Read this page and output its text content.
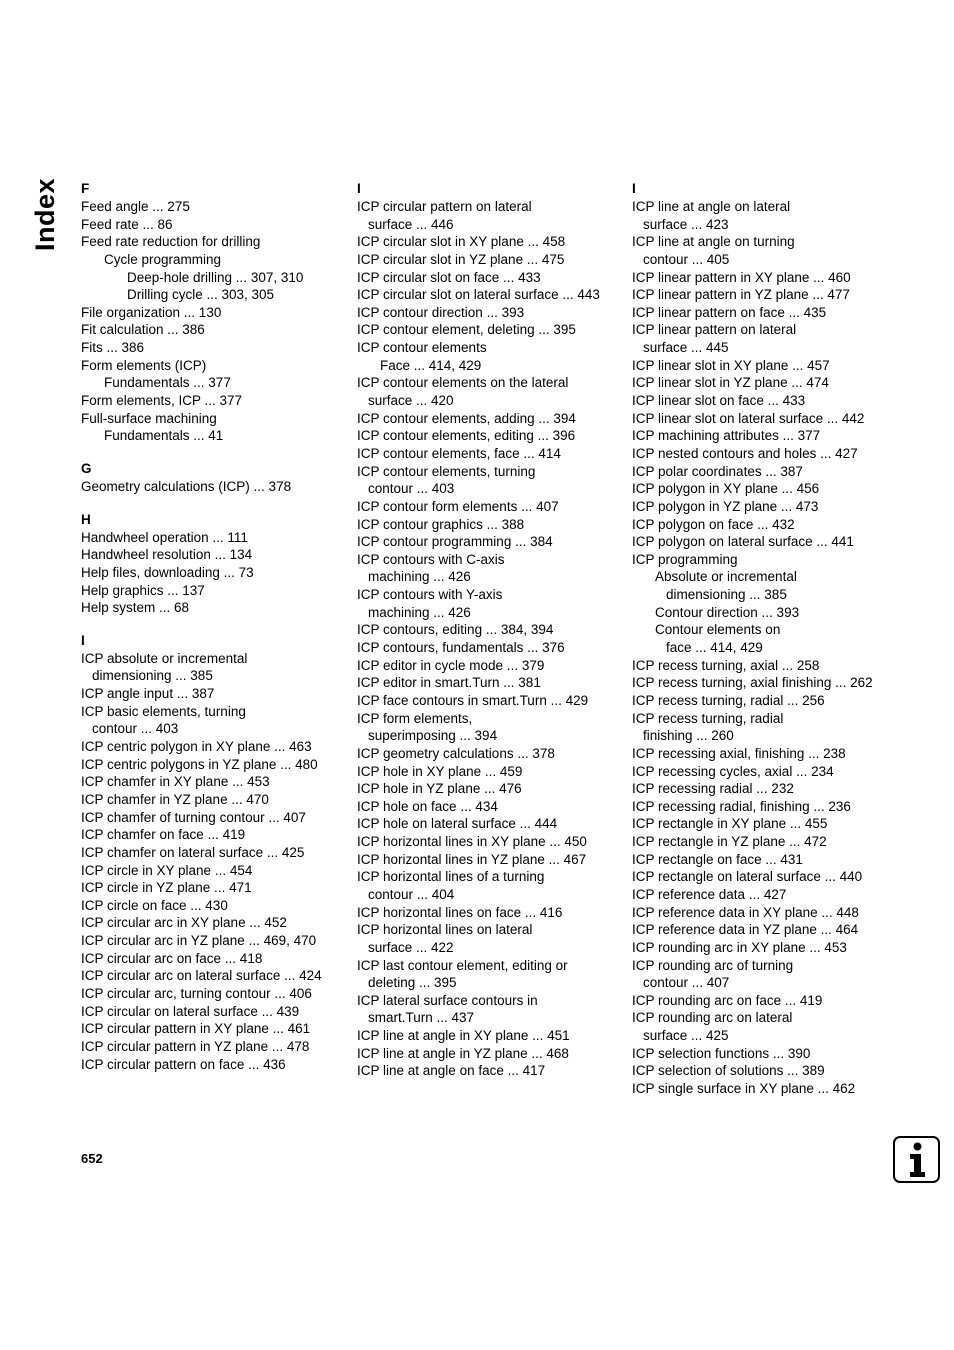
Index F
Feed angle ... 275
Feed rate ... 86
Feed rate reduction for drilling
Cycle programming
Deep-hole drilling ... 307, 310
Drilling cycle ... 303, 305
File organization ... 130
Fit calculation ... 386
Fits ... 386
Form elements (ICP)
Fundamentals ... 377
Form elements, ICP ... 377
Full-surface machining
Fundamentals ... 41
G
Geometry calculations (ICP) ... 378
H
Handwheel operation ... 111
Handwheel resolution ... 134
Help files, downloading ... 73
Help graphics ... 137
Help system ... 68
I
ICP absolute or incremental
dimensioning ... 385
ICP angle input ... 387
ICP basic elements, turning
contour ... 403
ICP centric polygon in XY plane ... 463
ICP centric polygons in YZ plane ... 480
ICP chamfer in XY plane ... 453
ICP chamfer in YZ plane ... 470
ICP chamfer of turning contour ... 407
ICP chamfer on face ... 419
ICP chamfer on lateral surface ... 425
ICP circle in XY plane ... 454
ICP circle in YZ plane ... 471
ICP circle on face ... 430
ICP circular arc in XY plane ... 452
ICP circular arc in YZ plane ... 469, 470
ICP circular arc on face ... 418
ICP circular arc on lateral surface ... 424
ICP circular arc, turning contour ... 406
ICP circular on lateral surface ... 439
ICP circular pattern in XY plane ... 461
ICP circular pattern in YZ plane ... 478
ICP circular pattern on face ... 436
I
ICP circular pattern on lateral
surface ... 446
ICP circular slot in XY plane ... 458
ICP circular slot in YZ plane ... 475
ICP circular slot on face ... 433
ICP circular slot on lateral surface ... 443
ICP contour direction ... 393
ICP contour element, deleting ... 395
ICP contour elements
Face ... 414, 429
ICP contour elements on the lateral
surface ... 420
ICP contour elements, adding ... 394
ICP contour elements, editing ... 396
ICP contour elements, face ... 414
ICP contour elements, turning
contour ... 403
ICP contour form elements ... 407
ICP contour graphics ... 388
ICP contour programming ... 384
ICP contours with C-axis
machining ... 426
ICP contours with Y-axis
machining ... 426
ICP contours, editing ... 384, 394
ICP contours, fundamentals ... 376
ICP editor in cycle mode ... 379
ICP editor in smart.Turn ... 381
ICP face contours in smart.Turn ... 429
ICP form elements,
superimposing ... 394
ICP geometry calculations ... 378
ICP hole in XY plane ... 459
ICP hole in YZ plane ... 476
ICP hole on face ... 434
ICP hole on lateral surface ... 444
ICP horizontal lines in XY plane ... 450
ICP horizontal lines in YZ plane ... 467
ICP horizontal lines of a turning
contour ... 404
ICP horizontal lines on face ... 416
ICP horizontal lines on lateral
surface ... 422
ICP last contour element, editing or
deleting ... 395
ICP lateral surface contours in
smart.Turn ... 437
ICP line at angle in XY plane ... 451
ICP line at angle in YZ plane ... 468
ICP line at angle on face ... 417
I
ICP line at angle on lateral
surface ... 423
ICP line at angle on turning
contour ... 405
ICP linear pattern in XY plane ... 460
ICP linear pattern in YZ plane ... 477
ICP linear pattern on face ... 435
ICP linear pattern on lateral
surface ... 445
ICP linear slot in XY plane ... 457
ICP linear slot in YZ plane ... 474
ICP linear slot on face ... 433
ICP linear slot on lateral surface ... 442
ICP machining attributes ... 377
ICP nested contours and holes ... 427
ICP polar coordinates ... 387
ICP polygon in XY plane ... 456
ICP polygon in YZ plane ... 473
ICP polygon on face ... 432
ICP polygon on lateral surface ... 441
ICP programming
Absolute or incremental
dimensioning ... 385
Contour direction ... 393
Contour elements on
face ... 414, 429
ICP recess turning, axial ... 258
ICP recess turning, axial finishing ... 262
ICP recess turning, radial ... 256
ICP recess turning, radial
finishing ... 260
ICP recessing axial, finishing ... 238
ICP recessing cycles, axial ... 234
ICP recessing radial ... 232
ICP recessing radial, finishing ... 236
ICP rectangle in XY plane ... 455
ICP rectangle in YZ plane ... 472
ICP rectangle on face ... 431
ICP rectangle on lateral surface ... 440
ICP reference data ... 427
ICP reference data in XY plane ... 448
ICP reference data in YZ plane ... 464
ICP rounding arc in XY plane ... 453
ICP rounding arc of turning
contour ... 407
ICP rounding arc on face ... 419
ICP rounding arc on lateral
surface ... 425
ICP selection functions ... 390
ICP selection of solutions ... 389
ICP single surface in XY plane ... 462
652
